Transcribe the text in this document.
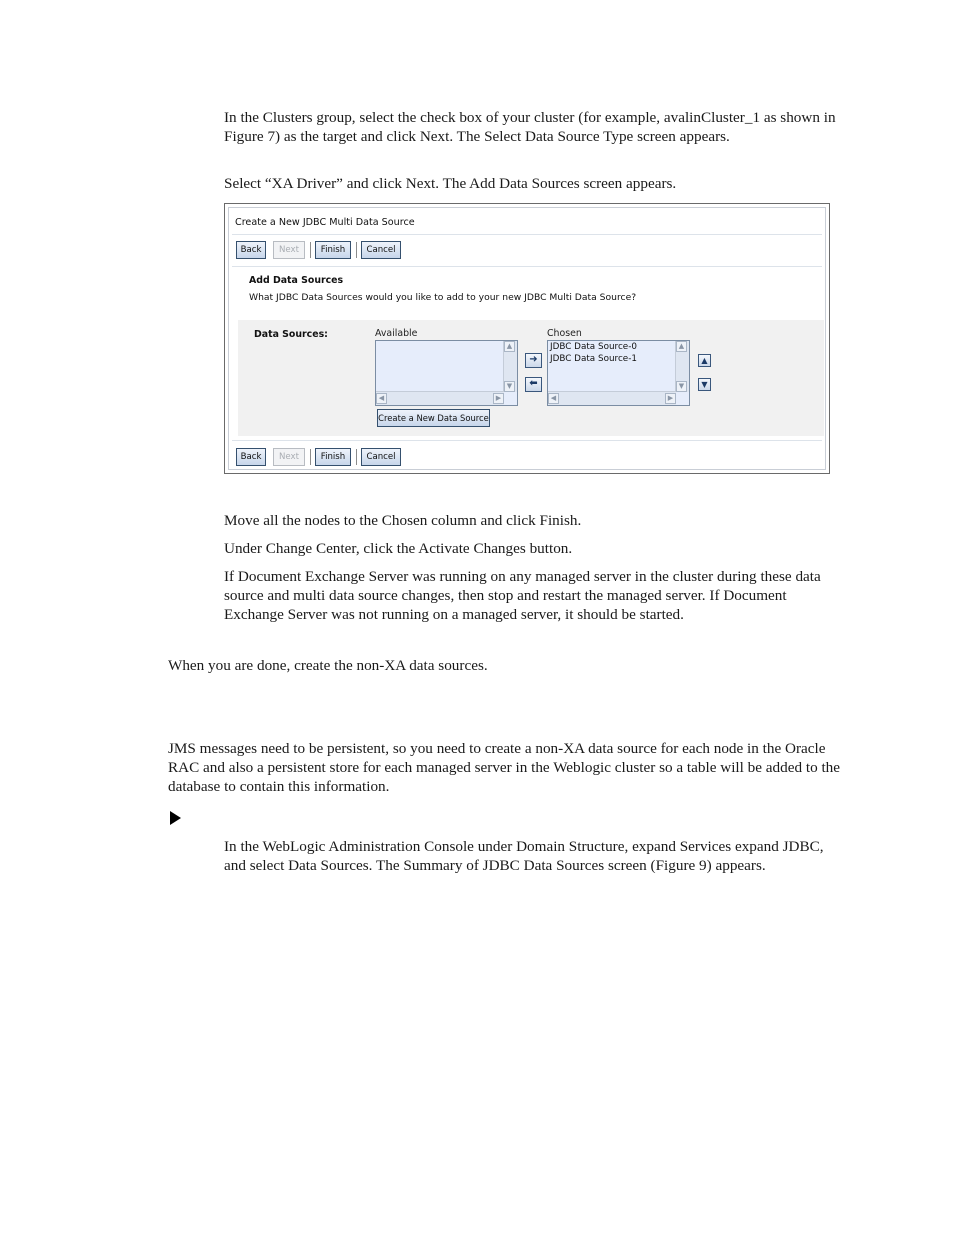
In the Clusters group, select the check box of your cluster (for example, avalinCluster_1 as shown in Figure 7) as the target and click Next. The Select Data Source Type screen appears.

Select “XA Driver” and click Next. The Add Data Sources screen appears.

Create a New JDBC Multi Data Source
Back	Next	Finish	Cancel
Add Data Sources
What JDBC Data Sources would you like to add to your new JDBC Multi Data Source?
Data Sources:	Available	Chosen
▲
▼
◀	▶
➜
⬅
JDBC Data Source-0
JDBC Data Source-1
▲
▼
◀	▶
▲
▼
Create a New Data Source
Back	Next	Finish	Cancel

Move all the nodes to the Chosen column and click Finish.

Under Change Center, click the Activate Changes button.

If Document Exchange Server was running on any managed server in the cluster during these data source and multi data source changes, then stop and restart the managed server. If Document Exchange Server was not running on a managed server, it should be started.

When you are done, create the non-XA data sources.

JMS messages need to be persistent, so you need to create a non-XA data source for each node in the Oracle RAC and also a persistent store for each managed server in the Weblogic cluster so a table will be added to the database to contain this information.

In the WebLogic Administration Console under Domain Structure, expand Services expand JDBC, and select Data Sources. The Summary of JDBC Data Sources screen (Figure 9) appears.
